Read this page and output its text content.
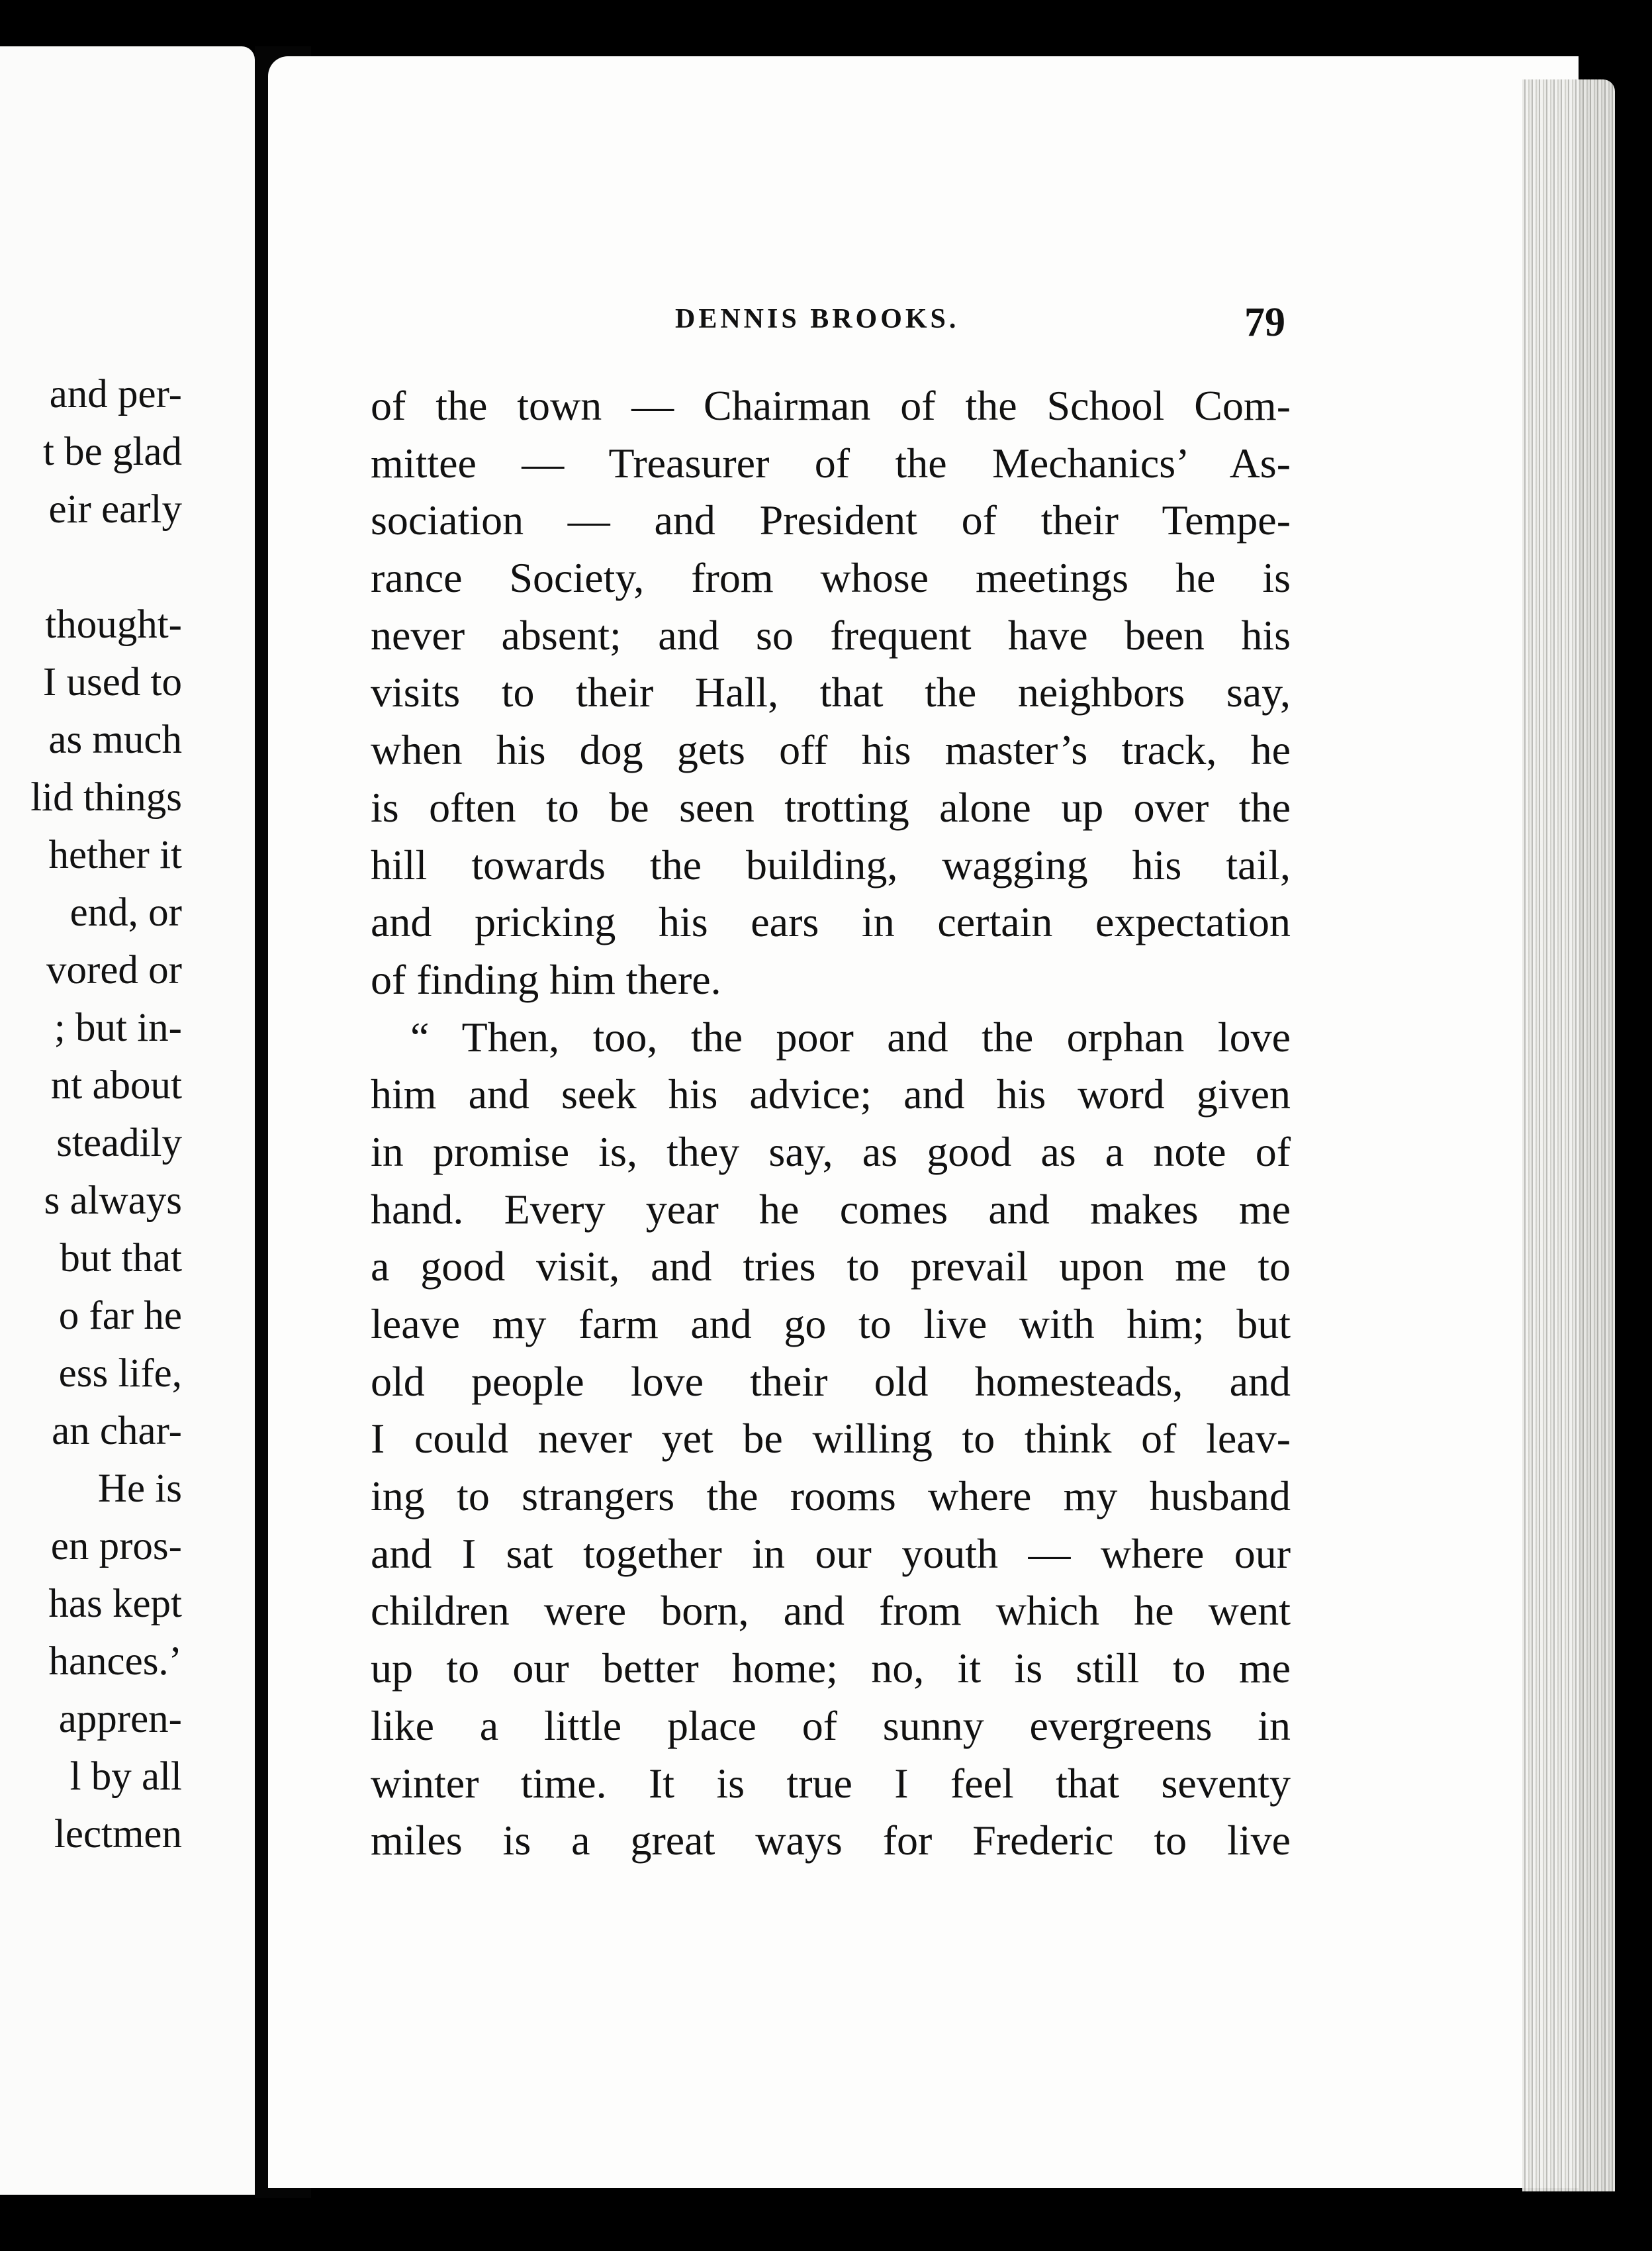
and per-
t be glad
eir early
thought-
I used to
as much
lid things
hether it
end, or
vored or
; but in-
nt about
steadily
s always
but that
o far he
ess life,
an char-
He is
en pros-
has kept
hances.’
appren-
l by all
lectmen
DENNIS BROOKS.	79
of the town — Chairman of the School Com-
mittee — Treasurer of the Mechanics’ As-
sociation — and President of their Tempe-
rance Society, from whose meetings he is
never absent; and so frequent have been his
visits to their Hall, that the neighbors say,
when his dog gets off his master’s track, he
is often to be seen trotting alone up over the
hill towards the building, wagging his tail,
and pricking his ears in certain expectation
of finding him there.
“ Then, too, the poor and the orphan love
him and seek his advice; and his word given
in promise is, they say, as good as a note of
hand. Every year he comes and makes me
a good visit, and tries to prevail upon me to
leave my farm and go to live with him; but
old people love their old homesteads, and
I could never yet be willing to think of leav-
ing to strangers the rooms where my husband
and I sat together in our youth — where our
children were born, and from which he went
up to our better home; no, it is still to me
like a little place of sunny evergreens in
winter time. It is true I feel that seventy
miles is a great ways for Frederic to live
